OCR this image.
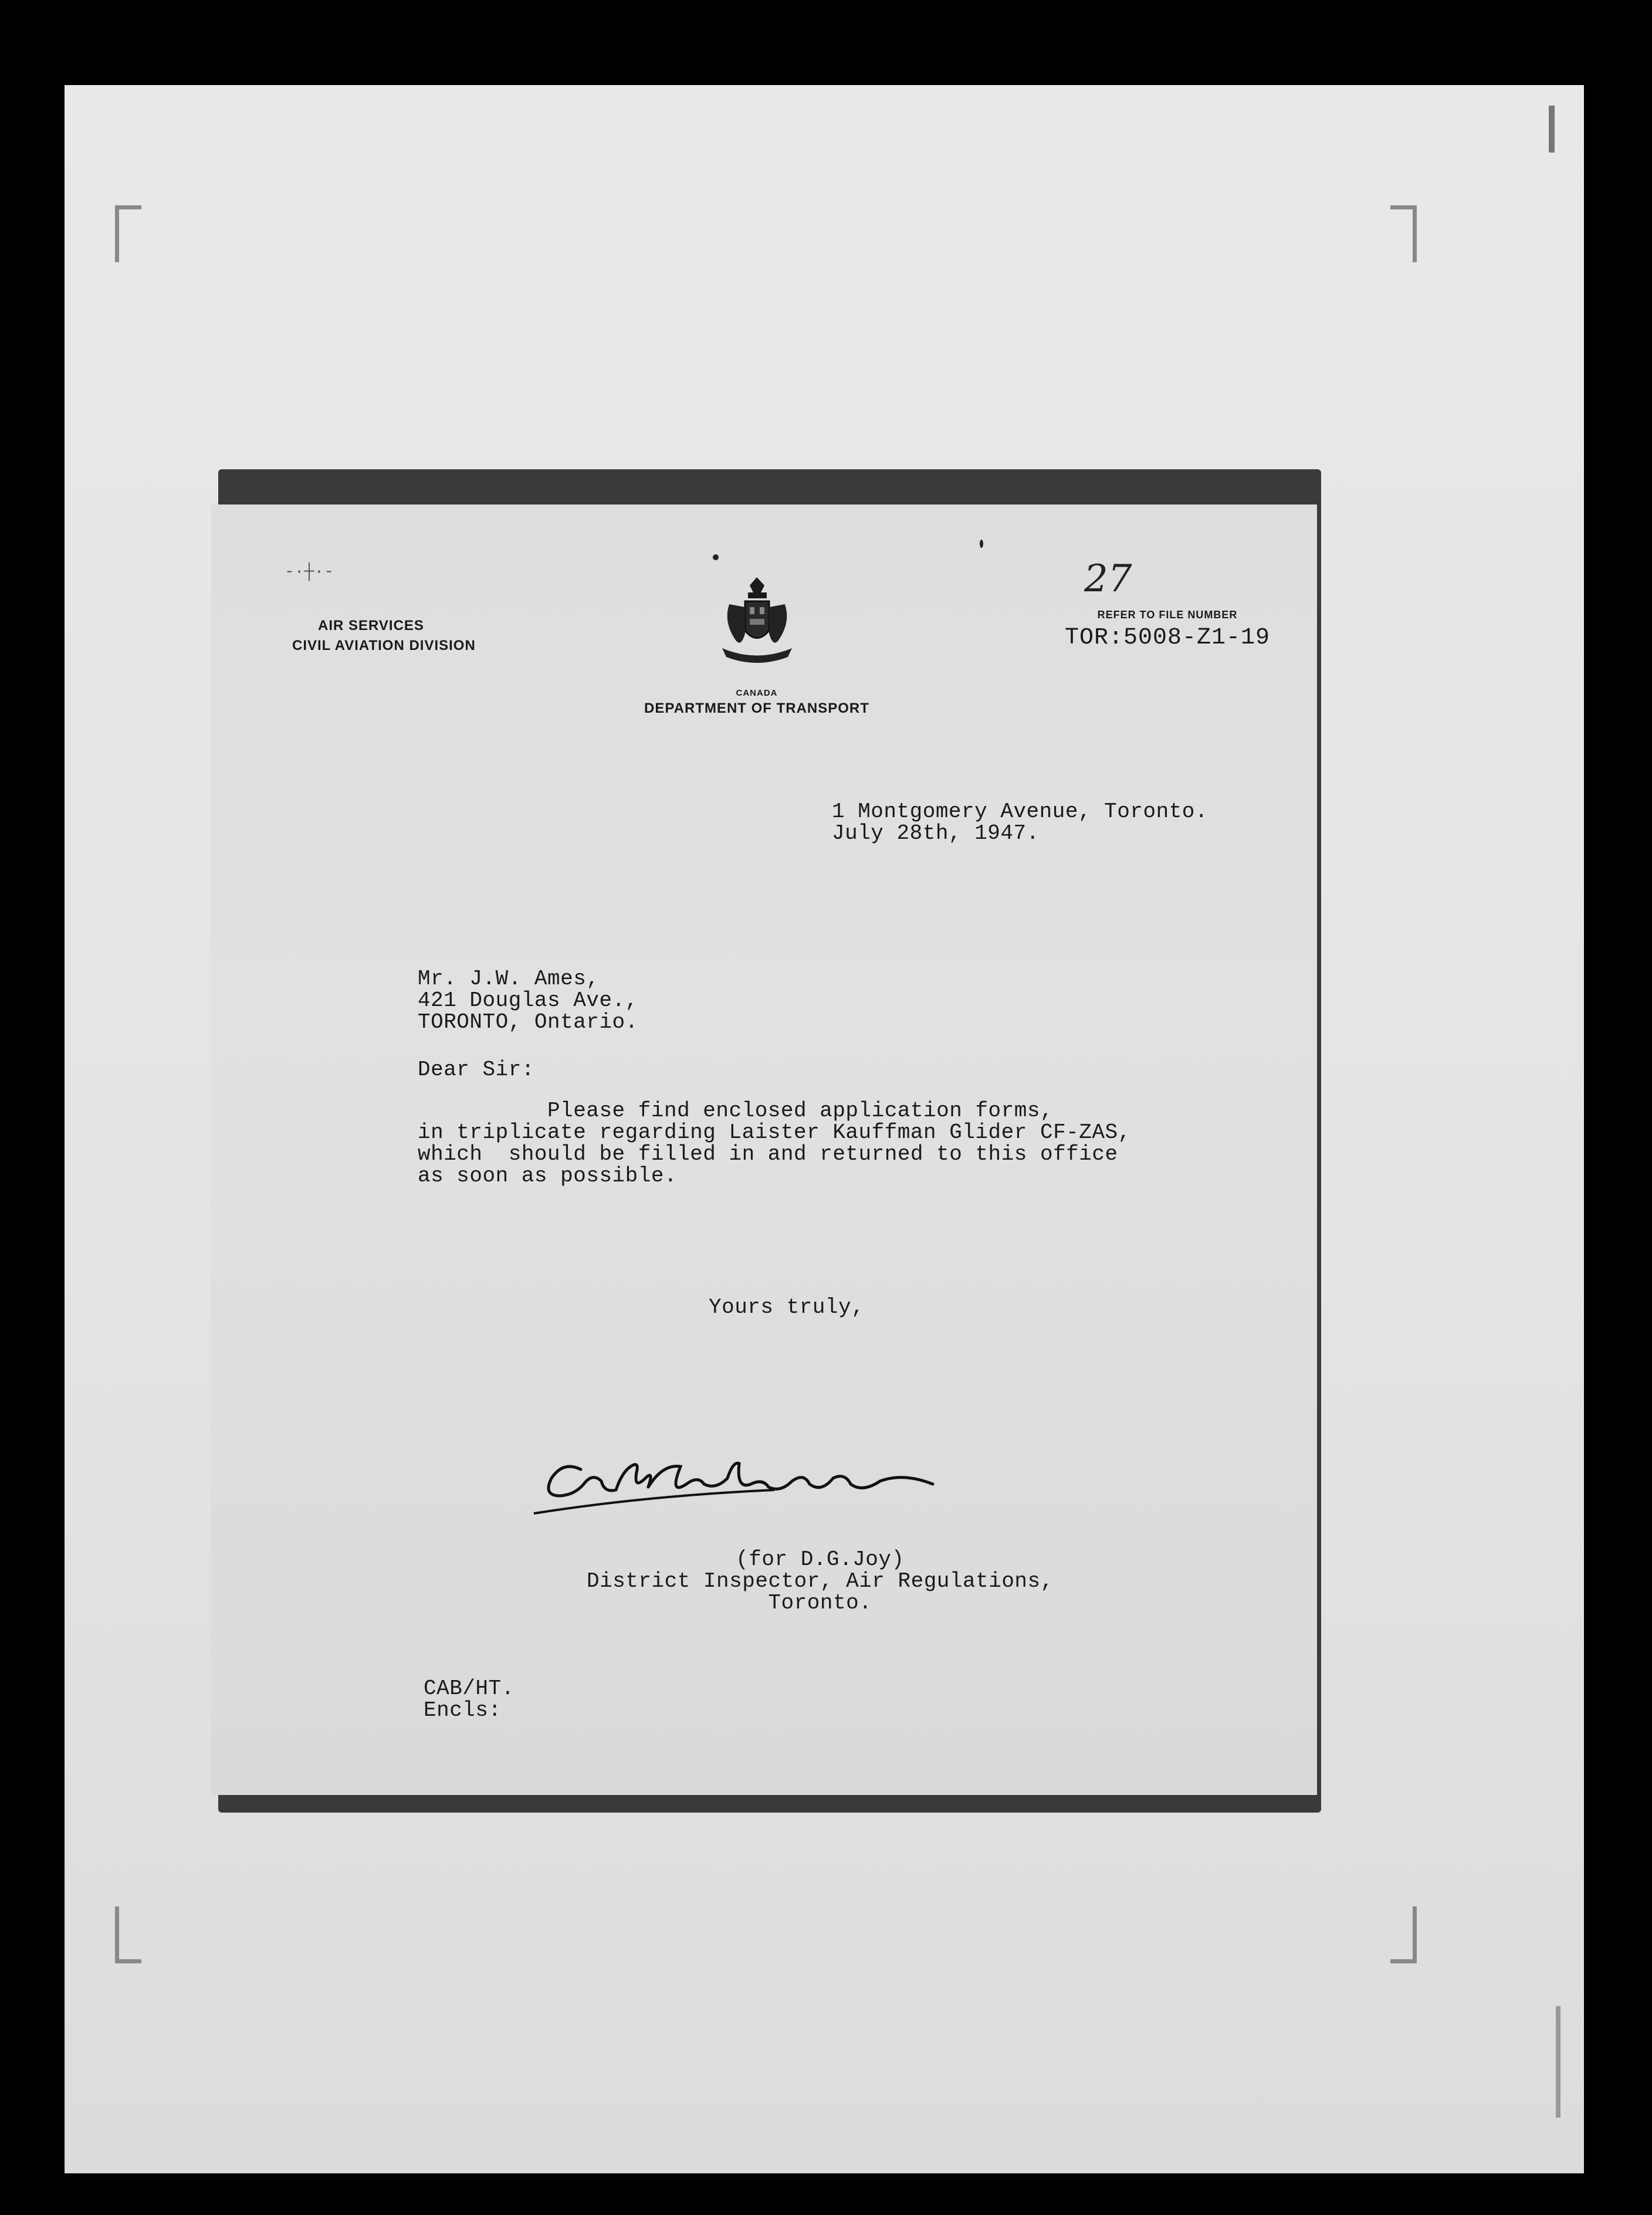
-·┼·-
AIR SERVICES
CIVIL AVIATION DIVISION
CANADA
DEPARTMENT OF TRANSPORT
27
REFER TO FILE NUMBER
TOR:5008-Z1-19
1 Montgomery Avenue, Toronto.
July 28th, 1947.
Mr. J.W. Ames,
421 Douglas Ave.,
TORONTO, Ontario.
Dear Sir:
Please find enclosed application forms,
in triplicate regarding Laister Kauffman Glider CF-ZAS,
which  should be filled in and returned to this office
as soon as possible.
Yours truly,
(for D.G.Joy)
District Inspector, Air Regulations,
Toronto.
CAB/HT.
Encls:
